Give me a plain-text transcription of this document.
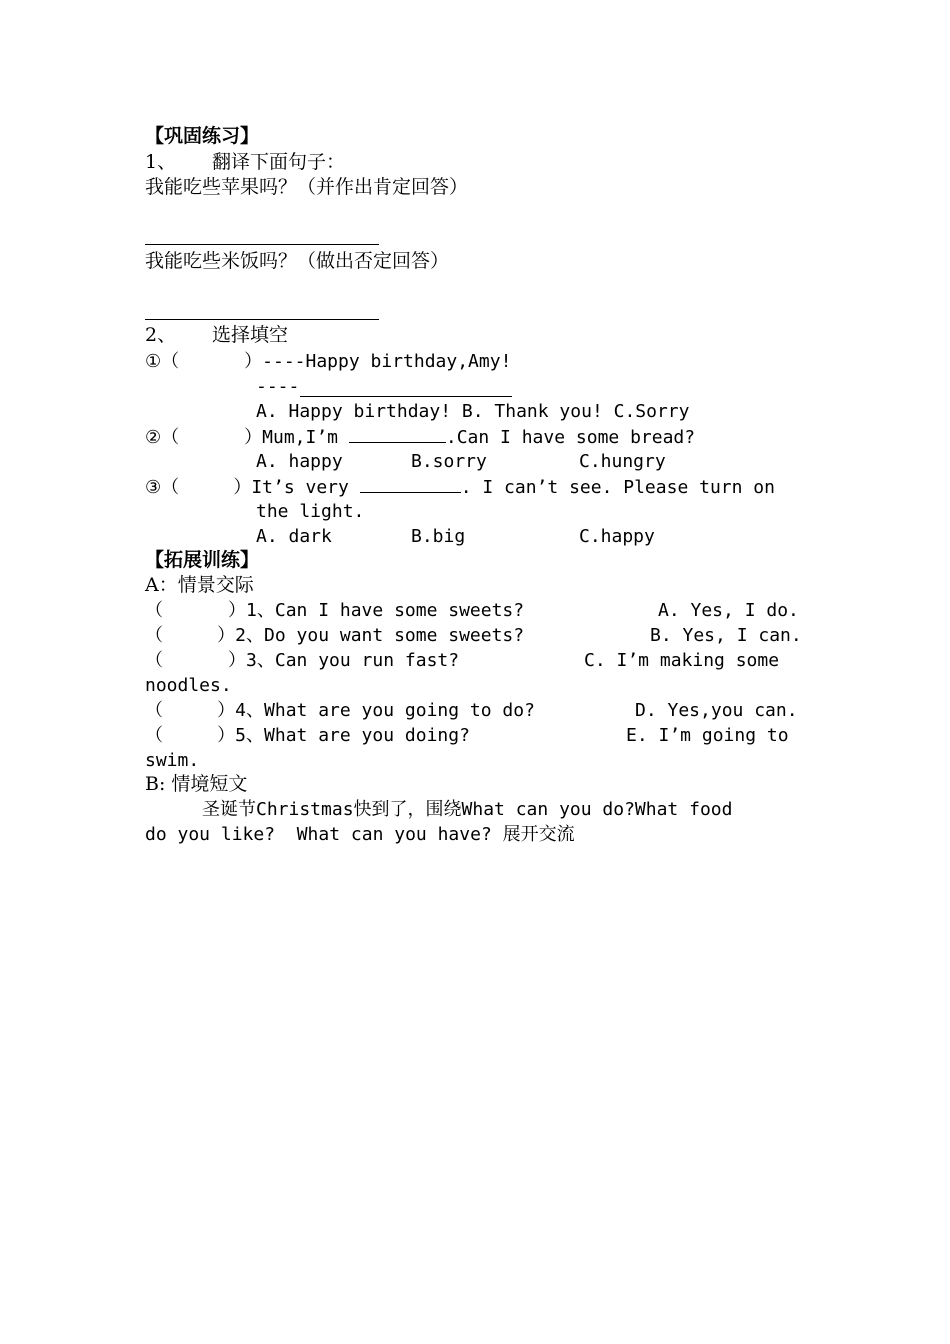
【巩固练习】
1、 翻译下面句子：
我能吃些苹果吗？（并作出肯定回答）
我能吃些米饭吗？（做出否定回答）
2、 选择填空
①（      ）----Happy birthday,Amy!
----
A. Happy birthday! B. Thank you! C.Sorry
②（      ）Mum,I’m	.Can I have some bread?
A. happy	B.sorry	C.hungry
③（     ）It’s very	. I can’t see. Please turn on
the light.
A. dark	B.big	C.happy
【拓展训练】
A：情景交际
（      ）1、Can I have some sweets?	A. Yes, I do.
（     ）2、Do you want some sweets?	B. Yes, I can.
（      ）3、Can you run fast?	C. I’m making some
noodles.
（     ）4、What are you going to do?	D. Yes,you can.
（     ）5、What are you doing?	E. I’m going to
swim.
B: 情境短文
圣诞节Christmas快到了，围绕What can you do?What food
do you like?  What can you have? 展开交流
